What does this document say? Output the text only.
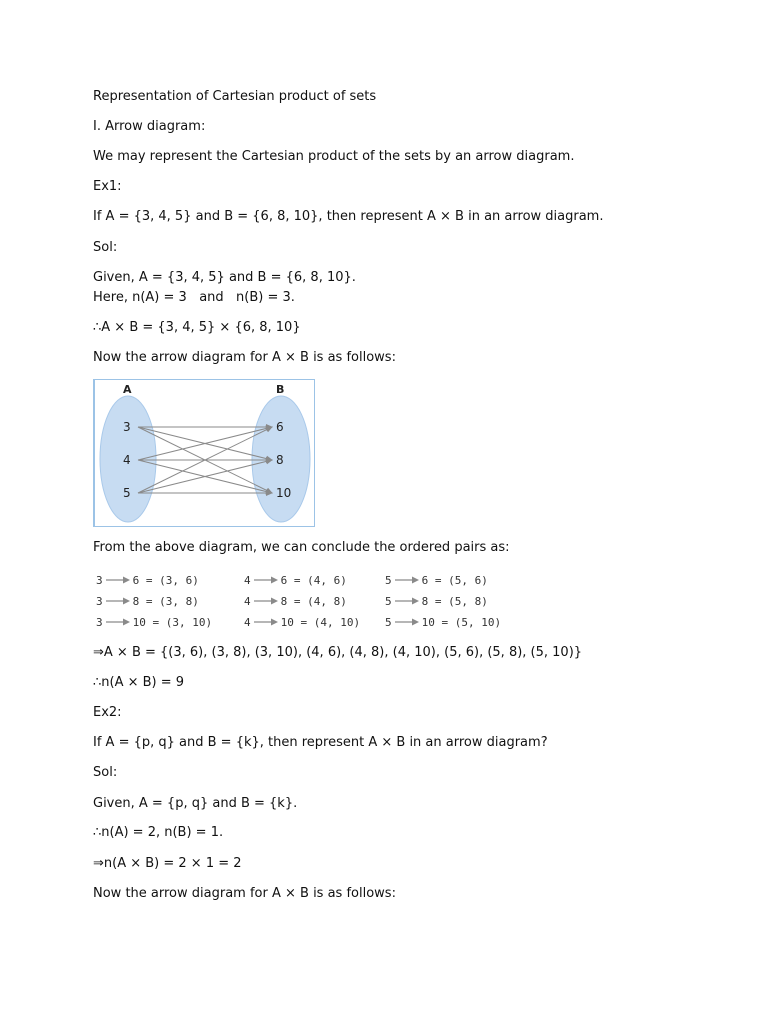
Representation of Cartesian product of sets
I. Arrow diagram:
We may represent the Cartesian product of the sets by an arrow diagram.
Ex1:
If A = {3, 4, 5} and B = {6, 8, 10}, then represent A × B in an arrow diagram.
Sol:
Given, A = {3, 4, 5} and B = {6, 8, 10}.
Here, n(A) = 3   and   n(B) = 3.
∴A × B = {3, 4, 5} × {6, 8, 10}
Now the arrow diagram for A × B is as follows:
A	B
3
4
5
6
8
10
From the above diagram, we can conclude the ordered pairs as:
3	6 = (3, 6)	4	6 = (4, 6)	5	6 = (5, 6)
3	8 = (3, 8)	4	8 = (4, 8)	5	8 = (5, 8)
3	10 = (3, 10)	4	10 = (4, 10) 5	10 = (5, 10)
⇒A × B = {(3, 6), (3, 8), (3, 10), (4, 6), (4, 8), (4, 10), (5, 6), (5, 8), (5, 10)}
∴n(A × B) = 9
Ex2:
If A = {p, q} and B = {k}, then represent A × B in an arrow diagram?
Sol:
Given, A = {p, q} and B = {k}.
∴n(A) = 2, n(B) = 1.
⇒n(A × B) = 2 × 1 = 2
Now the arrow diagram for A × B is as follows:
